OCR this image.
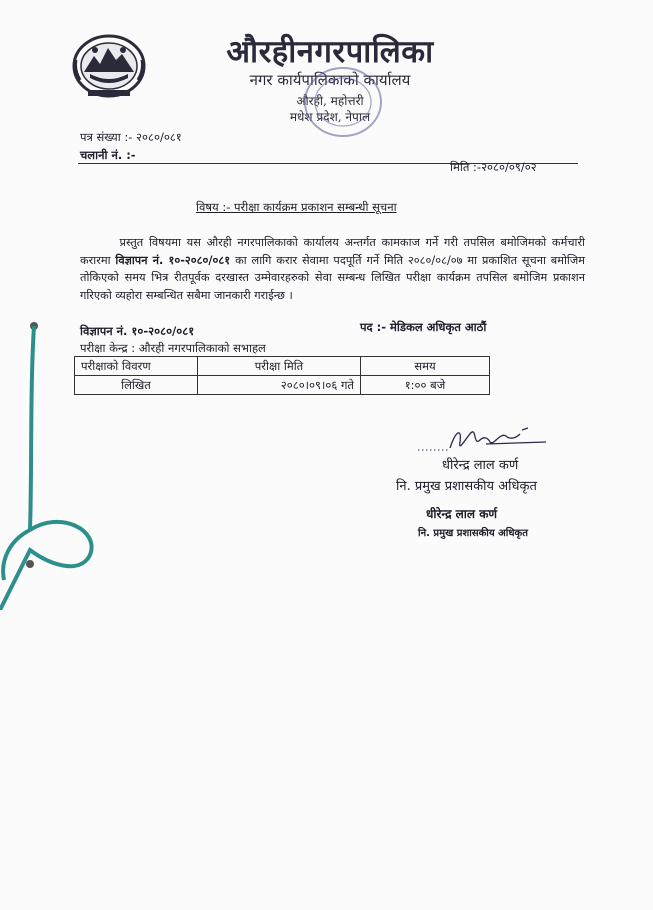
औरहीनगरपालिका
नगर कार्यपालिकाको कार्यालय
औरही, महोत्तरी
मधेश प्रदेश, नेपाल
पत्र संख्या :- २०८०/०८१
चलानी नं. :-
मिति :-२०८०/०९/०२
विषय :- परीक्षा कार्यक्रम प्रकाशन सम्बन्धी सूचना
    प्रस्तुत विषयमा यस औरही नगरपालिकाको कार्यालय अन्तर्गत कामकाज गर्ने गरी तपसिल बमोजिमको कर्मचारी करारमा विज्ञापन नं. १०-२०८०/०८१ का लागि करार सेवामा पदपूर्ति गर्ने मिति २०८०/०८/०७ मा प्रकाशित सूचना बमोजिम तोकिएको समय भित्र रीतपूर्वक दरखास्त उम्मेवारहरुको सेवा सम्बन्ध लिखित परीक्षा कार्यक्रम तपसिल बमोजिम प्रकाशन गरिएको व्यहोरा सम्बन्धित सबैमा जानकारी गराईन्छ ।
विज्ञापन नं. १०-२०८०/०८१	पद :- मेडिकल अधिकृत आठौं
परीक्षा केन्द्र : औरही नगरपालिकाको सभाहल
परीक्षाको विवरण	परीक्षा मिति	समय
लिखित	२०८०।०९।०६ गते	१:०० बजे
धीरेन्द्र लाल कर्ण
नि. प्रमुख प्रशासकीय अधिकृत
धीरेन्द्र लाल कर्ण
नि. प्रमुख प्रशासकीय अधिकृत
